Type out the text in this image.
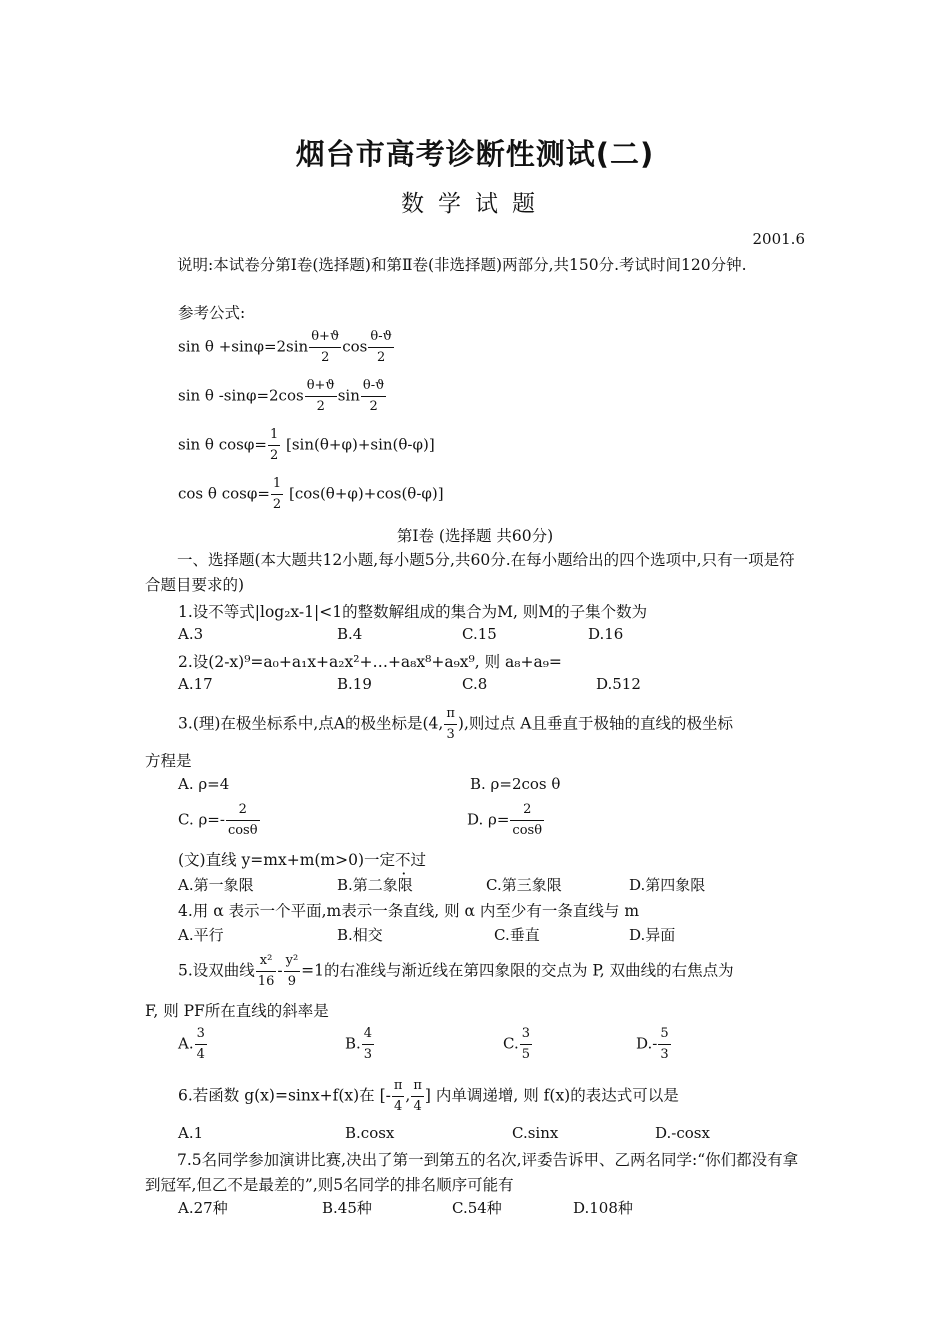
烟台市高考诊断性测试(二)
数学试题
2001.6
说明:本试卷分第Ⅰ卷(选择题)和第Ⅱ卷(非选择题)两部分,共150分.考试时间120分钟.
参考公式:
$\sin \theta +\sin\varphi=2\sin \frac{\theta+ϑ}{2}$ $\cos \frac{\theta-ϑ}{2}$
sin θ $-\sin\varphi=2\cos \frac{\theta+ϑ}{2}$ $\sin \frac{\theta-ϑ}{2}$
sin θ $\cos\varphi= \frac{1}{2} [\sin(\theta+\varphi)+\sin(\theta-\varphi)]$
cos θ $\cos\varphi= \frac{1}{2} [\cos(\theta+\varphi)+\cos(\theta-\varphi)]$
第Ⅰ卷 (选择题 共60分)
一、选择题(本大题共12小题,每小题5分,共60分.在每小题给出的四个选项中,只有一项是符合题目要求的)
1.设不等式|log₂x-1|<1的整数解组成的集合为M, 则M的子集个数为
A.3	B.4	C.15	D.16
2.设(2-x)⁹=a₀+a₁x+a₂x²+…+a₈x⁸+a₉x⁹, 则 a₈+a₉=
A.17	B.19	C.8	D.512
3.(理)在极坐标系中,点A的极坐标是(4, $\frac{\pi}{3}$ ),则过点 A且垂直于极轴的直线的极坐标
方程是
A. ρ=4	B. ρ=2cos θ
C. $\rho=- \frac{2}{\cos\theta}$	D. $\rho= \frac{2}{\cos\theta}$
(文)直线 y=mx+m(m>0)一定不过
A.第一象限	B.第二象限	C.第三象限	D.第四象限
4.用 α 表示一个平面,m表示一条直线, 则 α 内至少有一条直线与 m
A.平行	B.相交	C.垂直	D.异面
5.设双曲线 $\frac{\text{x²}}{16} - \frac{\text{y²}}{9} =1$的右准线与渐近线在第四象限的交点为 P, 双曲线的右焦点为
F, 则 PF所在直线的斜率是
A. $\frac{3}{4}$	B. $\frac{4}{3}$	C. $\frac{3}{5}$	$D.- \frac{5}{3}$
6.若函数 g(x)=sinx+f(x)在 [- $\frac{\pi}{4}$ , $\frac{\pi}{4}$ ] 内单调递增, 则 f(x)的表达式可以是
A.1	B.cosx	C.sinx	D.-cosx
7.5名同学参加演讲比赛,决出了第一到第五的名次,评委告诉甲、乙两名同学:“你们都没有拿到冠军,但乙不是最差的”,则5名同学的排名顺序可能有
A.27种	B.45种	C.54种	D.108种
